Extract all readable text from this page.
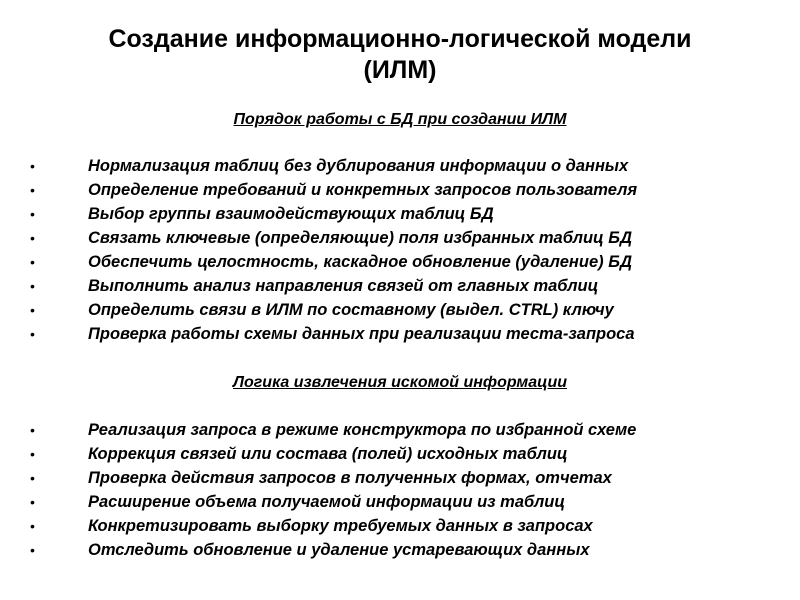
Создание информационно-логической модели
(ИЛМ)
Порядок работы с БД при создании ИЛМ
•	Нормализация таблиц без дублирования информации о данных
•	Определение требований и конкретных запросов пользователя
•	Выбор группы взаимодействующих таблиц БД
•	Связать ключевые (определяющие) поля избранных таблиц БД
•	Обеспечить целостность, каскадное обновление (удаление) БД
•	Выполнить анализ направления связей от главных таблиц
•	Определить связи в ИЛМ по составному (выдел. CTRL) ключу
•	Проверка работы схемы данных при реализации теста-запроса
Логика извлечения искомой информации
•	Реализация запроса в режиме конструктора по избранной схеме
•	Коррекция связей или состава (полей) исходных таблиц
•	Проверка действия запросов в полученных формах, отчетах
•	Расширение объема получаемой информации из таблиц
•	Конкретизировать выборку требуемых данных в запросах
•	Отследить обновление и удаление устаревающих данных
